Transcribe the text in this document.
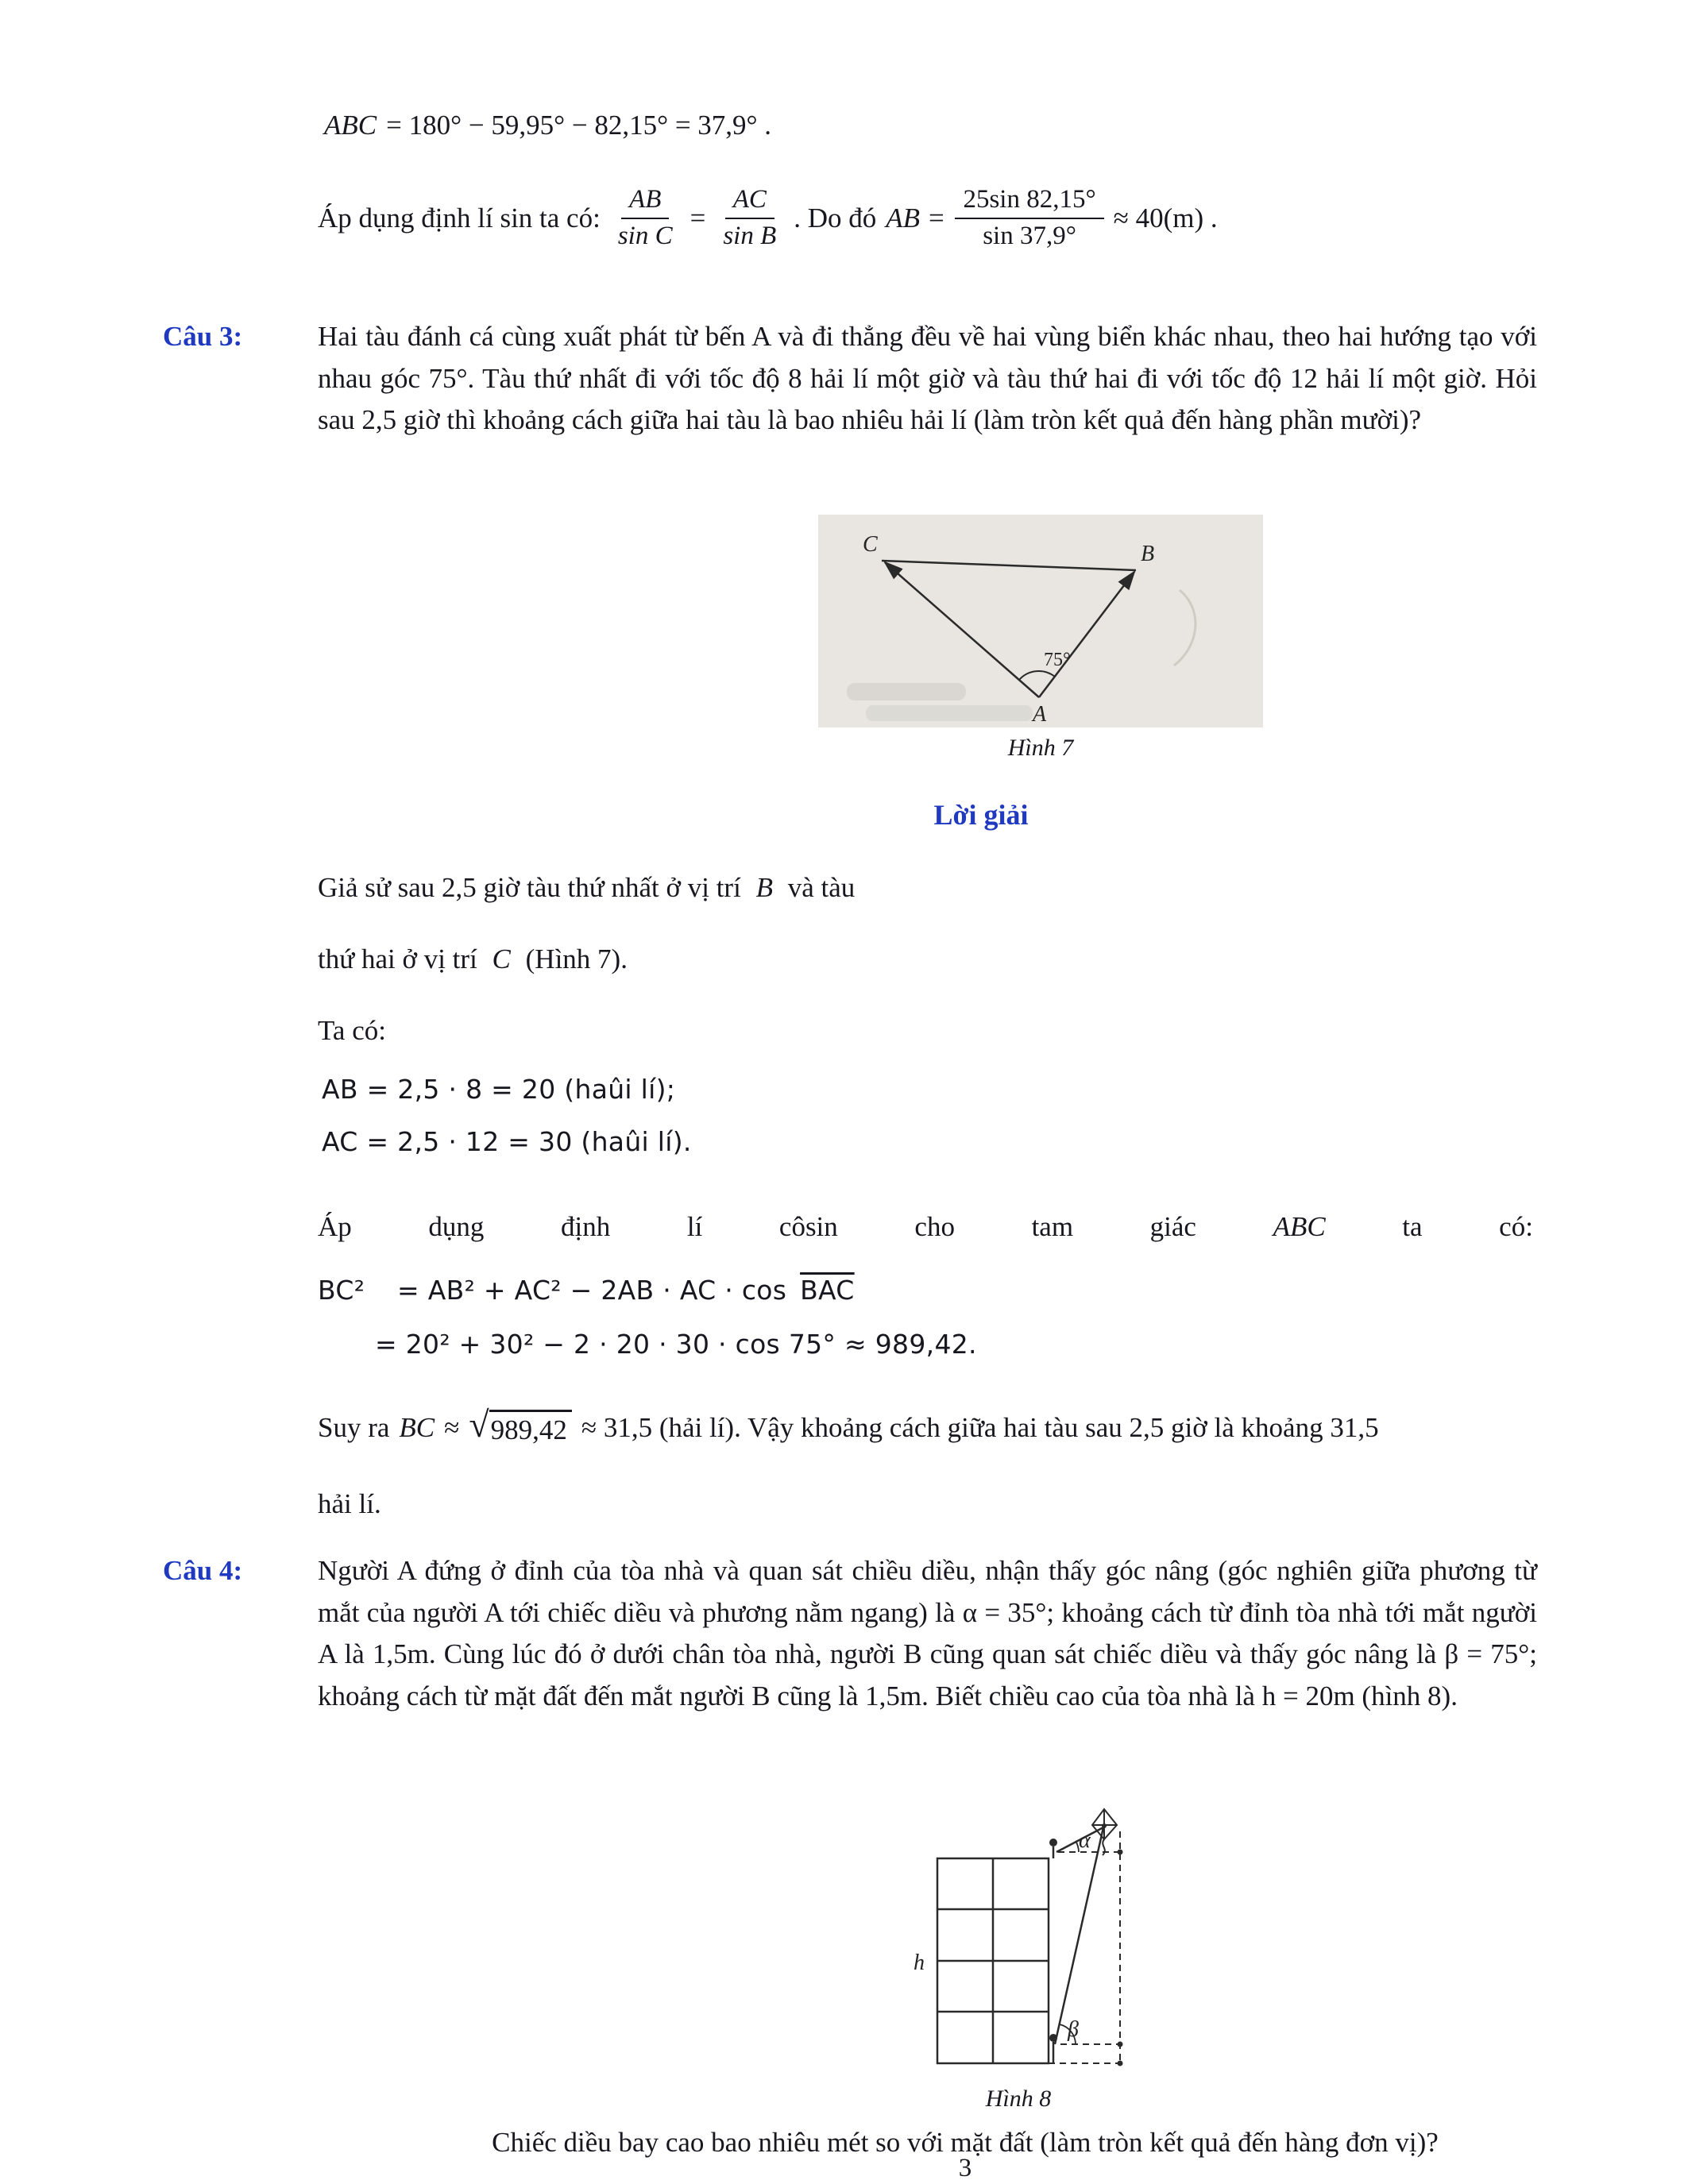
ABC = 180° − 59,95° − 82,15° = 37,9° .
Áp dụng định lí sin ta có: $\frac{AB}{\text{sin C}} = \frac{AC}{\text{sin B}}$ . Do đó AB = $\frac{25\sin 82,15^\circ}{\sin 37,9^\circ} \approx 40(m)$ .
Câu 3:	Hai tàu đánh cá cùng xuất phát từ bến A và đi thẳng đều về hai vùng biển khác nhau, theo hai hướng tạo với nhau góc 75°. Tàu thứ nhất đi với tốc độ 8 hải lí một giờ và tàu thứ hai đi với tốc độ 12 hải lí một giờ. Hỏi sau 2,5 giờ thì khoảng cách giữa hai tàu là bao nhiêu hải lí (làm tròn kết quả đến hàng phần mười)?
C	B
A
75°
Hình 7
Lời giải
Giả sử sau 2,5 giờ tàu thứ nhất ở vị trí B và tàu
thứ hai ở vị trí C (Hình 7).
Ta có:
AB = 2,5 ⋅ 8 = 20 (haûi lí);
AC = 2,5 ⋅ 12 = 30 (haûi lí).
Áp	dụng	định	lí	côsin	cho	tam	giác	ABC	ta	có:
BC² = AB² + AC² − 2AB ⋅ AC ⋅ $\cos \overline{BAC}$
= 20² + 30² − 2 ⋅ 20 ⋅ 30 ⋅ cos 75° ≈ 989,42.
Suy ra BC ≈ √ 989,42 ≈ 31,5 (hải lí). Vậy khoảng cách giữa hai tàu sau 2,5 giờ là khoảng 31,5
hải lí.
Câu 4:	Người A đứng ở đỉnh của tòa nhà và quan sát chiều diều, nhận thấy góc nâng (góc nghiên giữa phương từ mắt của người A tới chiếc diều và phương nằm ngang) là α = 35°; khoảng cách từ đỉnh tòa nhà tới mắt người A là 1,5m. Cùng lúc đó ở dưới chân tòa nhà, người B cũng quan sát chiếc diều và thấy góc nâng là β = 75°; khoảng cách từ mặt đất đến mắt người B cũng là 1,5m. Biết chiều cao của tòa nhà là h = 20m (hình 8).
h
α
β
Hình 8
Chiếc diều bay cao bao nhiêu mét so với mặt đất (làm tròn kết quả đến hàng đơn vị)?
3
